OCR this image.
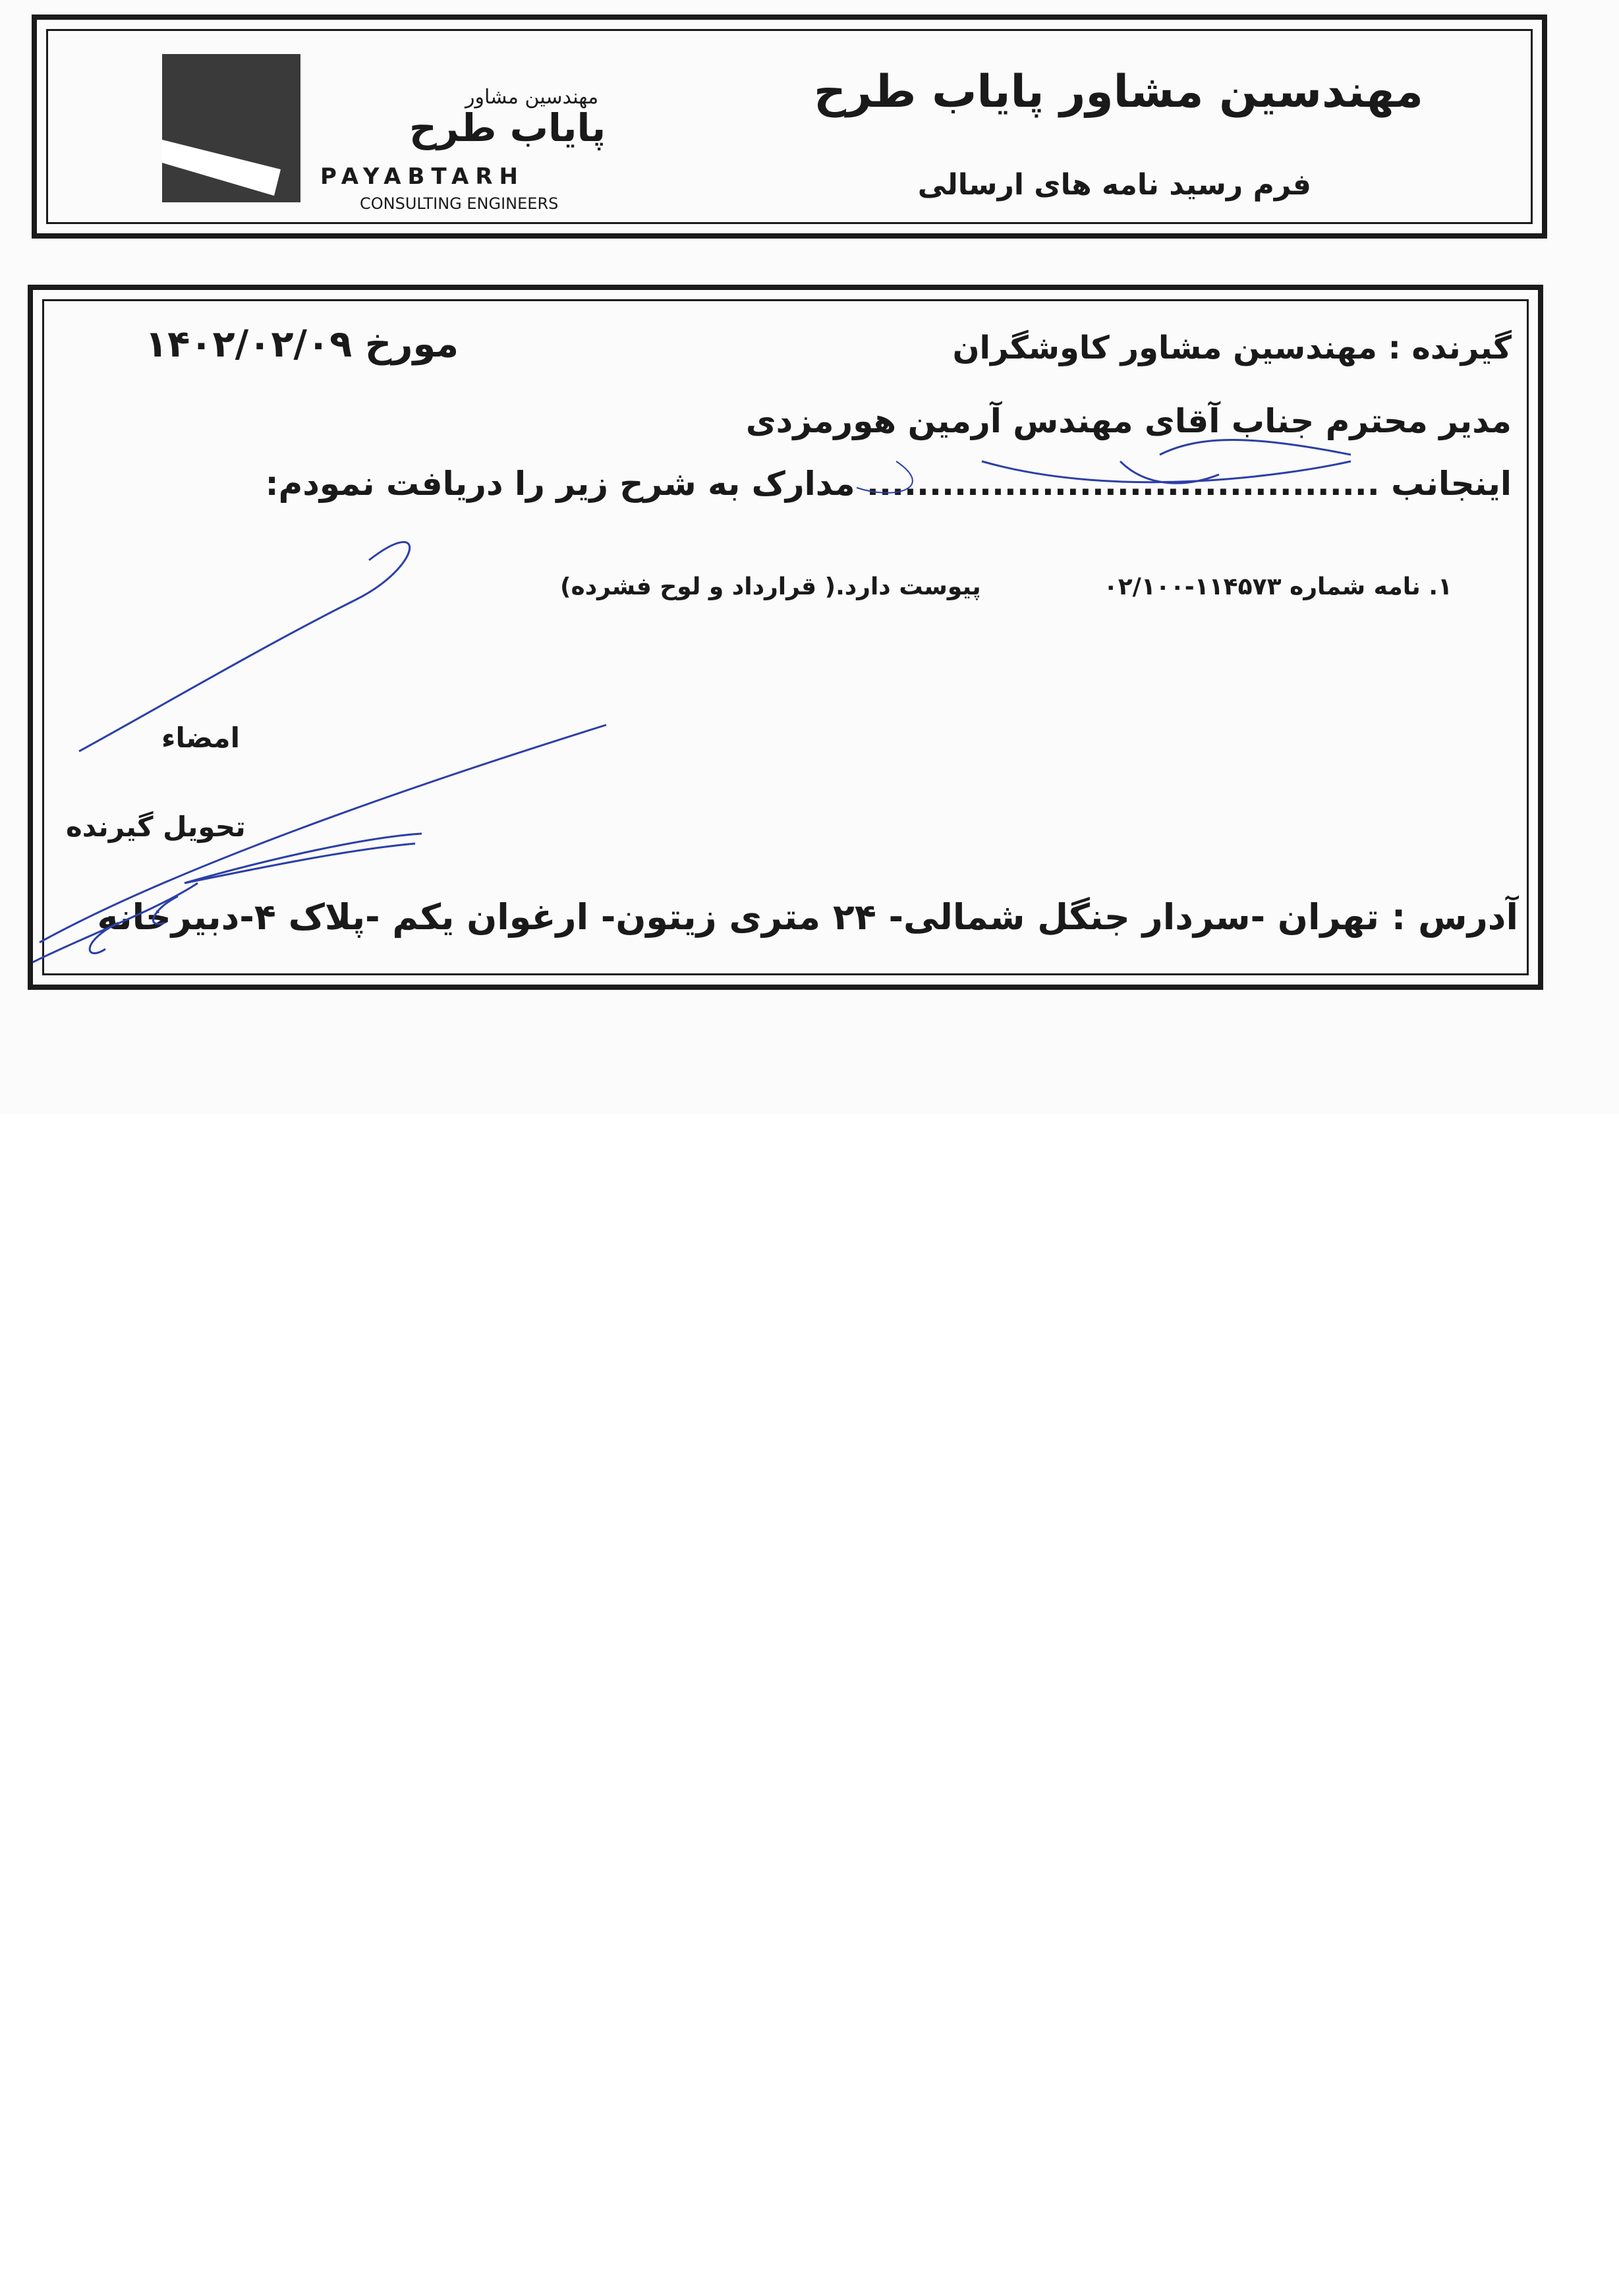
مهندسین مشاور پایاب طرح
فرم رسید نامه های ارسالی
مهندسین مشاور
پایاب طرح
PAYABTARH
CONSULTING ENGINEERS
گیرنده : مهندسین مشاور کاوشگران
مورخ ۱۴۰۲/۰۲/۰۹
مدیر محترم جناب آقای مهندس آرمین هورمزدی
اینجانب ......................................... مدارک به شرح زیر را دریافت نمودم:
۱. نامه شماره ۱۱۴۵۷۳-۰۲/۱۰۰
پیوست دارد.( قرارداد و لوح فشرده)
امضاء
تحویل گیرنده
آدرس : تهران -سردار جنگل شمالی- ۲۴ متری زیتون- ارغوان یکم -پلاک ۴-دبیرخانه
